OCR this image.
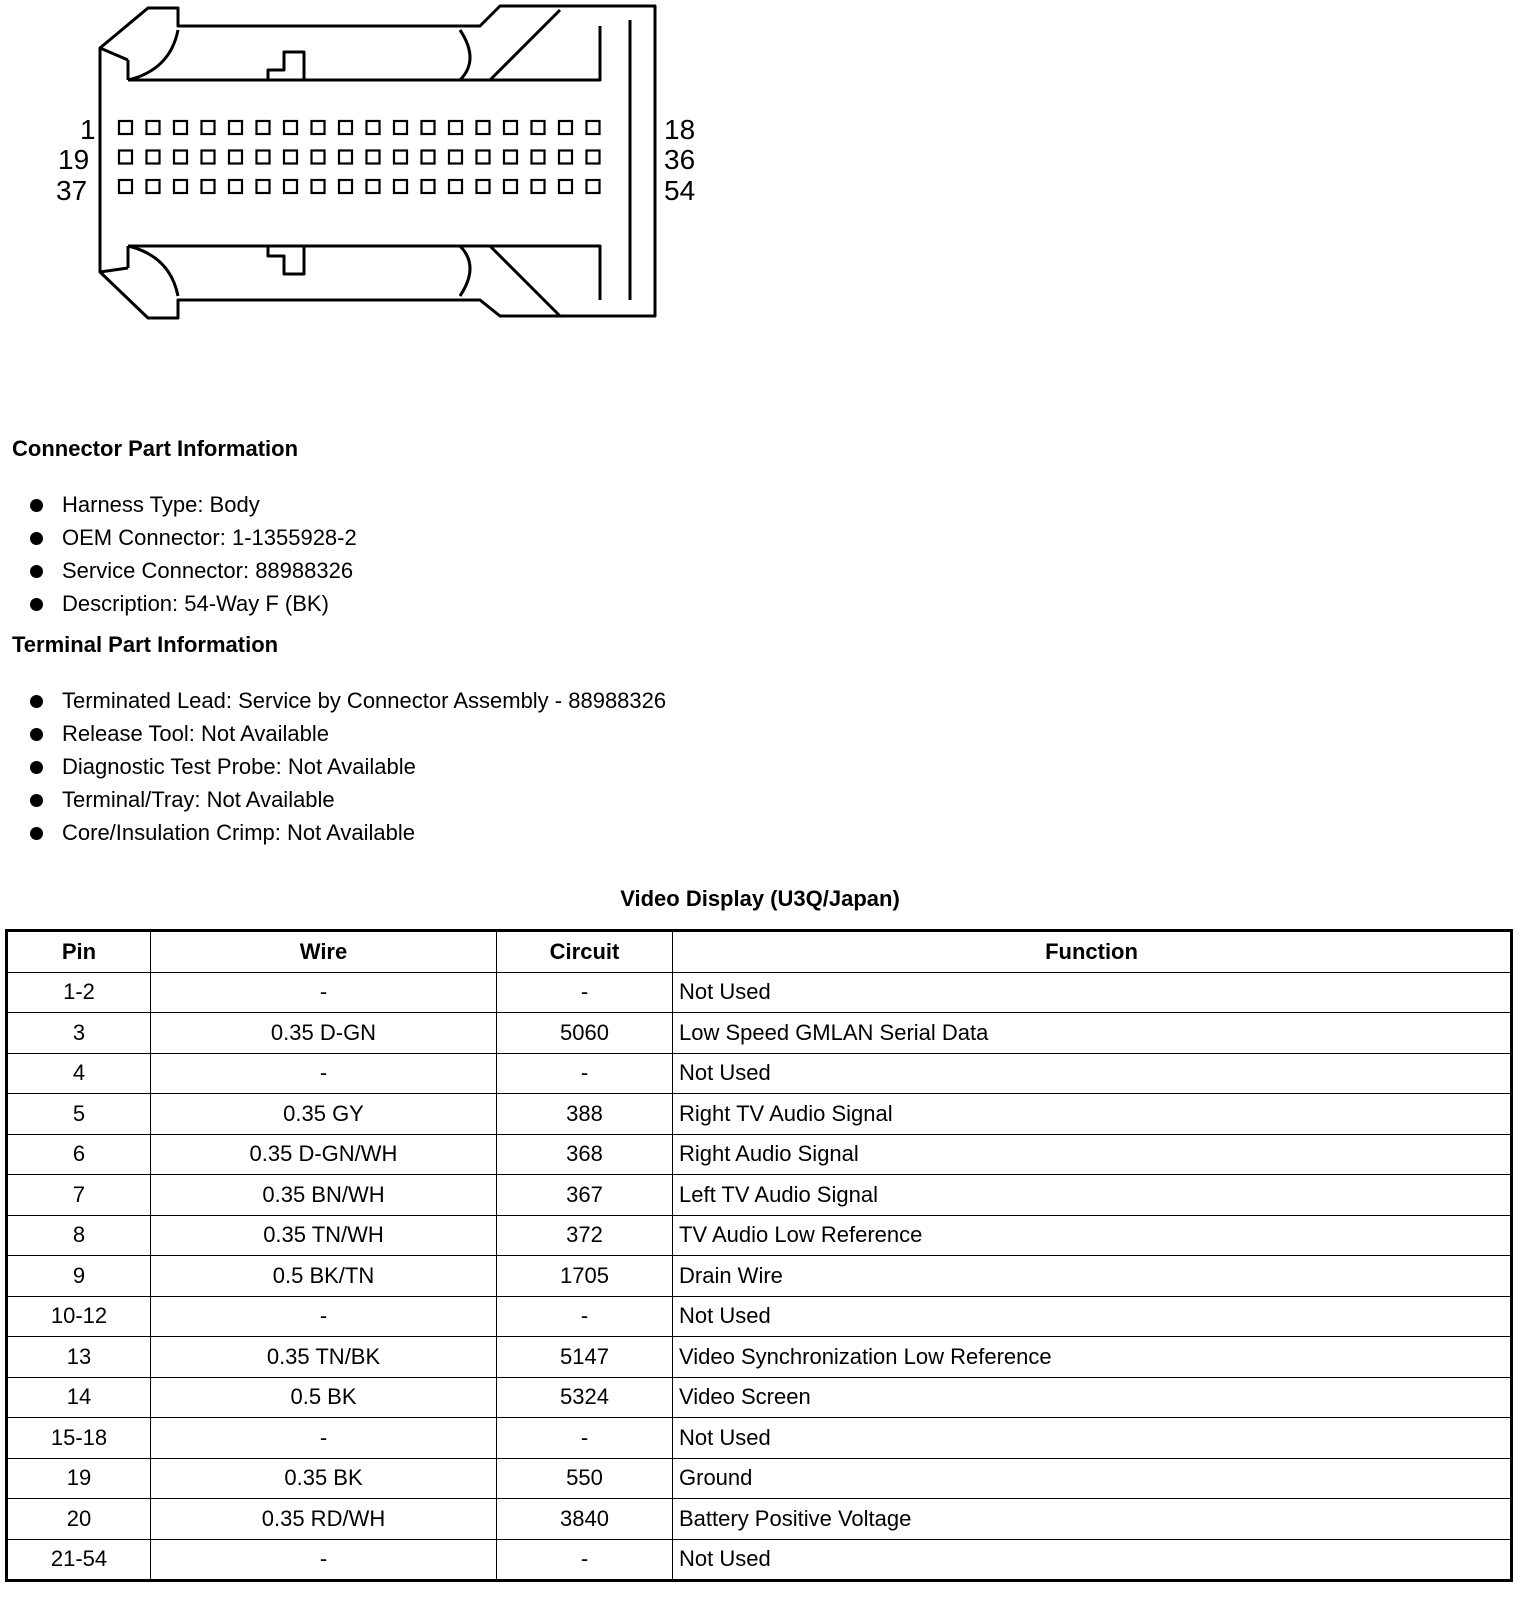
1
19
37
18
36
54
Connector Part Information
Harness Type: Body
OEM Connector: 1-1355928-2
Service Connector: 88988326
Description: 54-Way F (BK)
Terminal Part Information
Terminated Lead: Service by Connector Assembly - 88988326
Release Tool: Not Available
Diagnostic Test Probe: Not Available
Terminal/Tray: Not Available
Core/Insulation Crimp: Not Available
Video Display (U3Q/Japan)
Pin	Wire	Circuit	Function
1-2	-	-	Not Used
3	0.35 D-GN	5060	Low Speed GMLAN Serial Data
4	-	-	Not Used
5	0.35 GY	388	Right TV Audio Signal
6	0.35 D-GN/WH	368	Right Audio Signal
7	0.35 BN/WH	367	Left TV Audio Signal
8	0.35 TN/WH	372	TV Audio Low Reference
9	0.5 BK/TN	1705	Drain Wire
10-12	-	-	Not Used
13	0.35 TN/BK	5147	Video Synchronization Low Reference
14	0.5 BK	5324	Video Screen
15-18	-	-	Not Used
19	0.35 BK	550	Ground
20	0.35 RD/WH	3840	Battery Positive Voltage
21-54	-	-	Not Used
